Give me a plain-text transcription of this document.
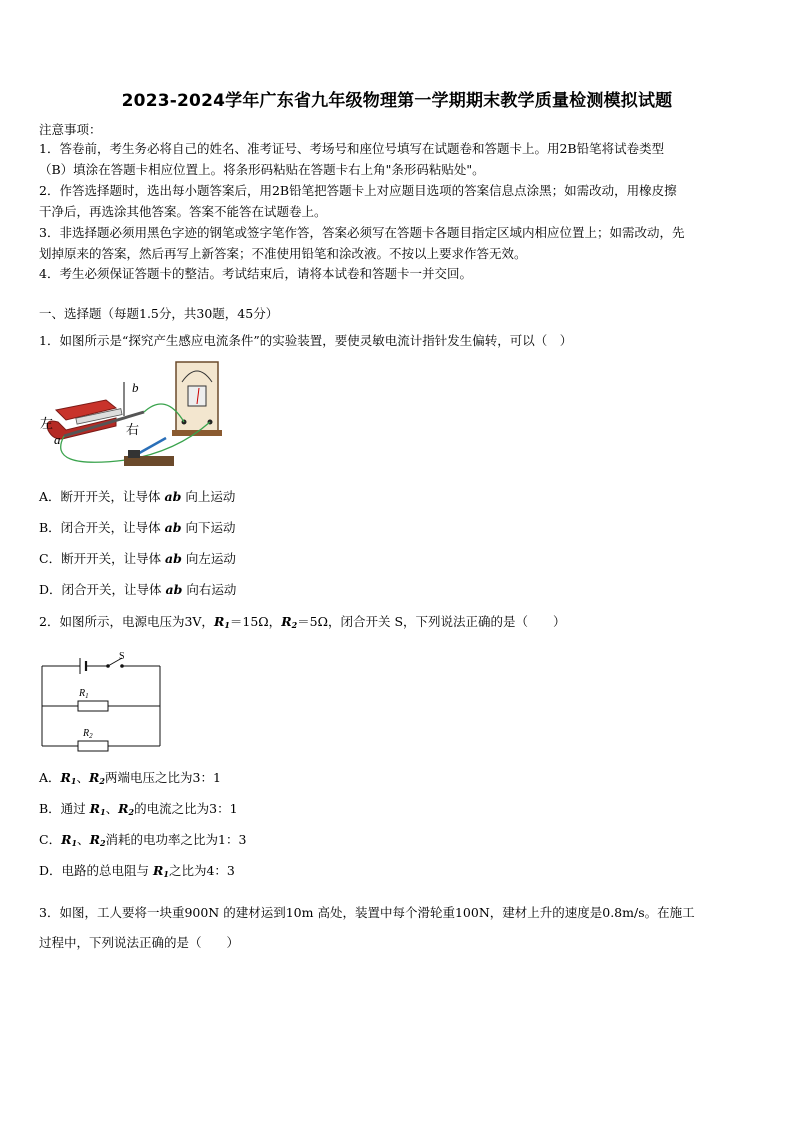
2023-2024学年广东省九年级物理第一学期期末教学质量检测模拟试题
注意事项：
1．答卷前，考生务必将自己的姓名、准考证号、考场号和座位号填写在试题卷和答题卡上。用2B铅笔将试卷类型
（B）填涂在答题卡相应位置上。将条形码粘贴在答题卡右上角"条形码粘贴处"。
2．作答选择题时，选出每小题答案后，用2B铅笔把答题卡上对应题目选项的答案信息点涂黑；如需改动，用橡皮擦
干净后，再选涂其他答案。答案不能答在试题卷上。
3．非选择题必须用黑色字迹的钢笔或签字笔作答，答案必须写在答题卡各题目指定区域内相应位置上；如需改动，先
划掉原来的答案，然后再写上新答案；不准使用铅笔和涂改液。不按以上要求作答无效。
4．考生必须保证答题卡的整洁。考试结束后，请将本试卷和答题卡一并交回。
一、选择题（每题1.5分，共30题，45分）
1．如图所示是“探究产生感应电流条件”的实验装置，要使灵敏电流计指针发生偏转，可以（　）
左	右
a
b
A．断开开关，让导体 ab 向上运动
B．闭合开关，让导体 ab 向下运动
C．断开开关，让导体 ab 向左运动
D．闭合开关，让导体 ab 向右运动
2．如图所示，电源电压为3V，$R_1=15\Omega$，$R_2=5\Omega$，闭合开关 S，下列说法正确的是（　　）
S
$R_1$
$R_2$
A．$R_1$、$R_2$两端电压之比为3：1
B．通过 $R_1$、$R_2$的电流之比为3：1
C．$R_1$、$R_2$消耗的电功率之比为1：3
D．电路的总电阻与 $R_1$之比为4：3
3．如图，工人要将一块重900N 的建材运到10m 高处，装置中每个滑轮重100N，建材上升的速度是0.8m/s。在施工
过程中，下列说法正确的是（　　）
